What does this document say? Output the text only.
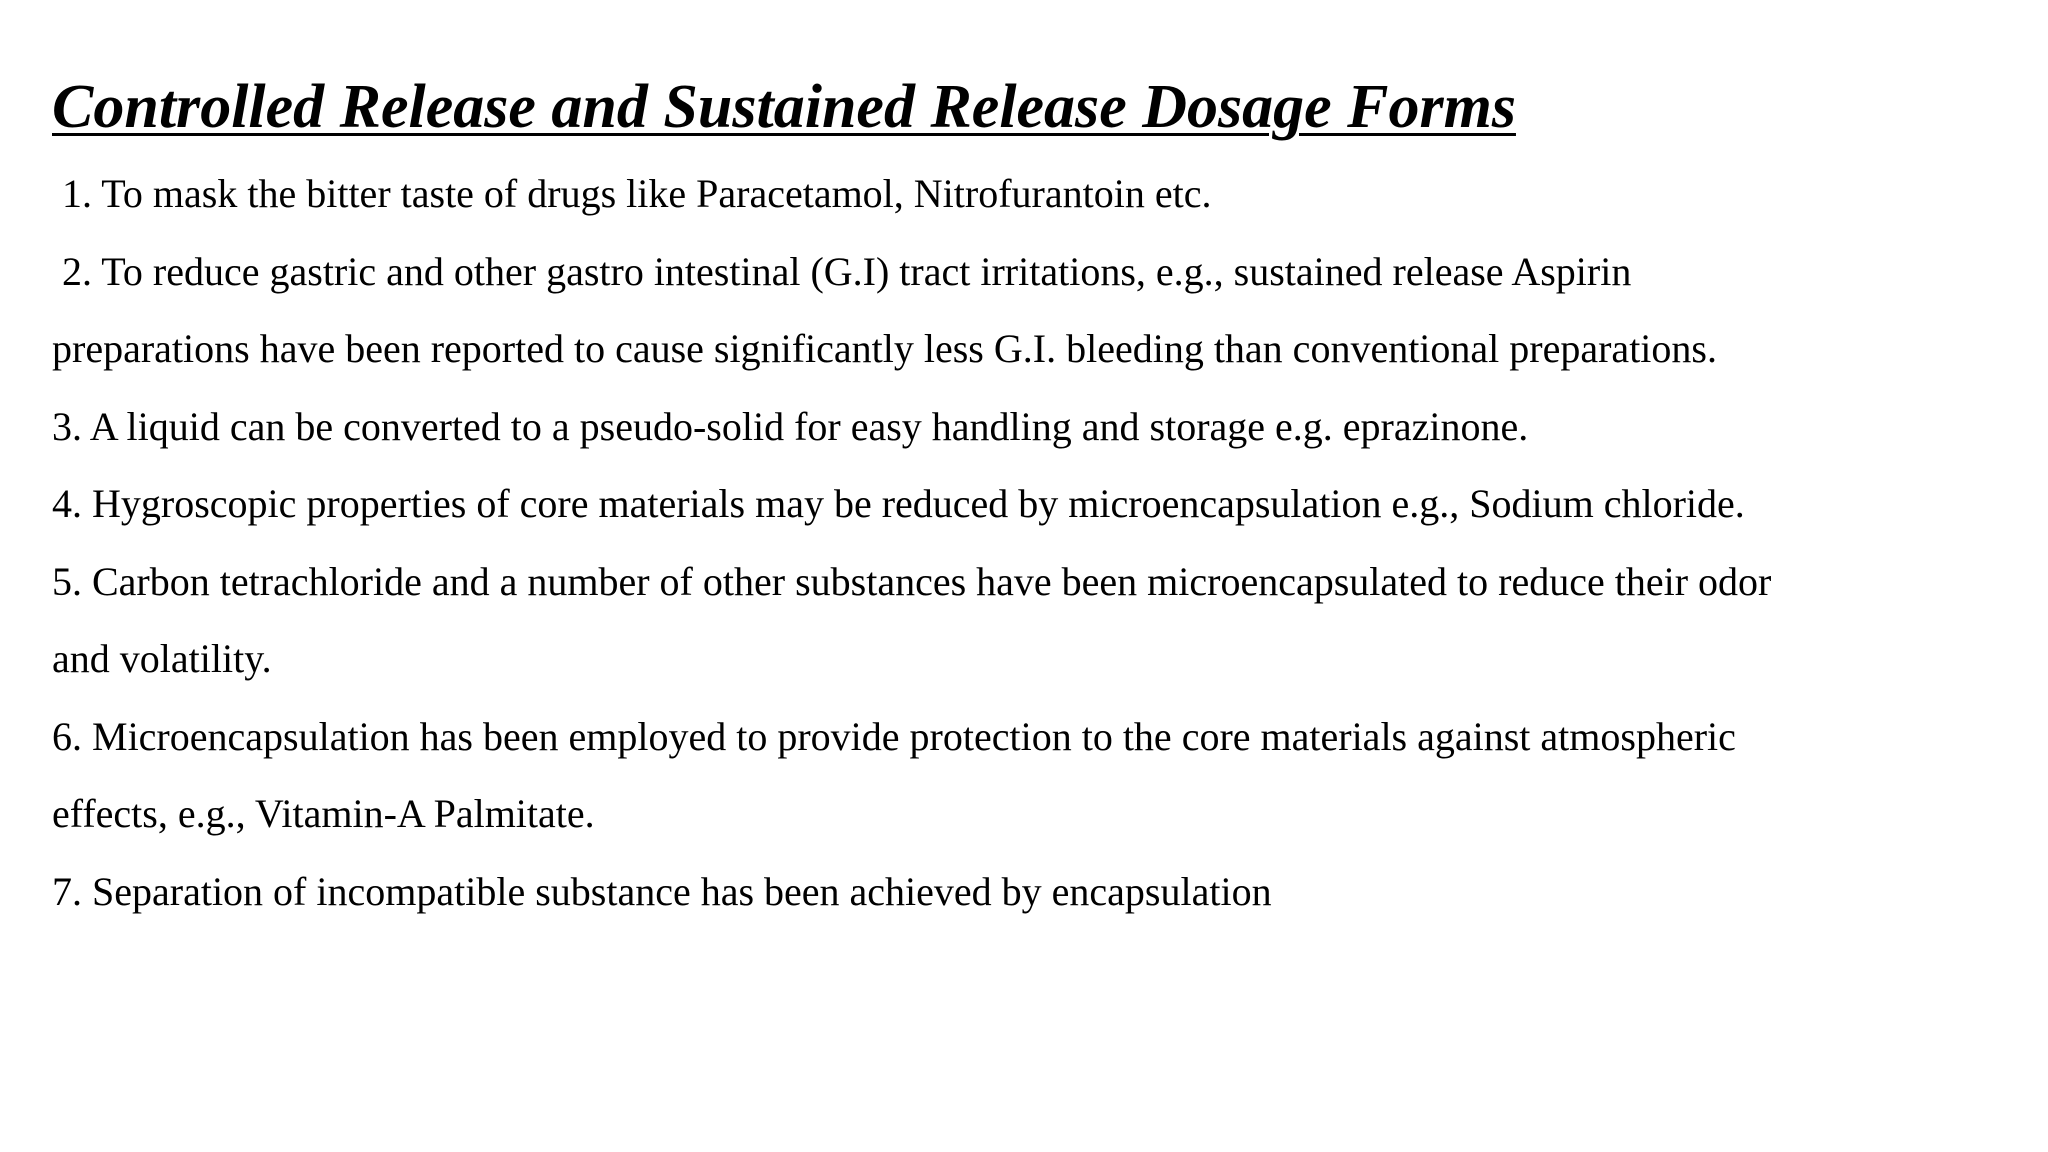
Controlled Release and Sustained Release Dosage Forms
1. To mask the bitter taste of drugs like Paracetamol, Nitrofurantoin etc.
2. To reduce gastric and other gastro intestinal (G.I) tract irritations, e.g., sustained release Aspirin
preparations have been reported to cause significantly less G.I. bleeding than conventional preparations.
3. A liquid can be converted to a pseudo-solid for easy handling and storage e.g. eprazinone.
4. Hygroscopic properties of core materials may be reduced by microencapsulation e.g., Sodium chloride.
5. Carbon tetrachloride and a number of other substances have been microencapsulated to reduce their odor
and volatility.
6. Microencapsulation has been employed to provide protection to the core materials against atmospheric
effects, e.g., Vitamin-A Palmitate.
7. Separation of incompatible substance has been achieved by encapsulation
